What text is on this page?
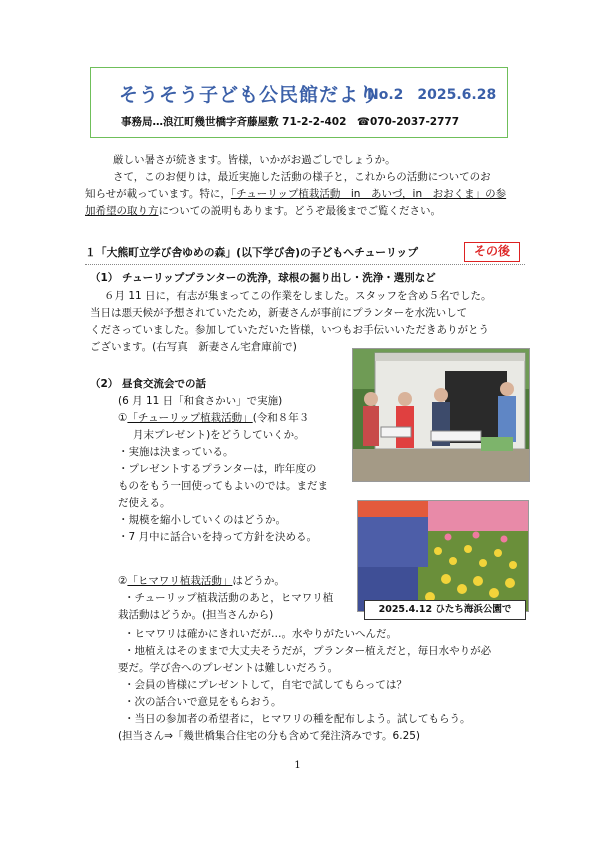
そうそう子ども公民館だより
No.2　2025.6.28
事務局…浪江町幾世橋字斉藤屋敷 71-2-2-402　☎070-2037-2777
厳しい暑さが続きます。皆様，いかがお過ごしでしょうか。
さて，このお便りは，最近実施した活動の様子と，これからの活動についてのお
知らせが載っています。特に，「チューリップ植栽活動　in　あいづ，in　おおくま」の参
加希望の取り方についての説明もあります。どうぞ最後までご覧ください。
１「大熊町立学び舎ゆめの森」(以下学び舎)の子どもへチューリップ	その後
（1） チューリッププランターの洗浄，球根の掘り出し・洗浄・選別など
６月 11 日に，有志が集まってこの作業をしました。スタッフを含め５名でした。
当日は悪天候が予想されていたため，新妻さんが事前にプランターを水洗いして
くださっていました。参加していただいた皆様，いつもお手伝いいただきありがとう
ございます。(右写真　新妻さん宅倉庫前で)
（2） 昼食交流会での話
(6 月 11 日「和食さかい」で実施)
①「チューリップ植栽活動」(令和８年３
月末プレゼント)をどうしていくか。
・実施は決まっている。
・プレゼントするプランターは，昨年度の
ものをもう一回使ってもよいのでは。まだま
だ使える。
・規模を縮小していくのはどうか。
・7 月中に話合いを持って方針を決める。
2025.4.12 ひたち海浜公園で
②「ヒマワリ植栽活動」はどうか。
・チューリップ植栽活動のあと，ヒマワリ植
栽活動はどうか。(担当さんから)
・ヒマワリは確かにきれいだが…。水やりがたいへんだ。
・地植えはそのままで大丈夫そうだが，プランター植えだと，毎日水やりが必
要だ。学び舎へのプレゼントは難しいだろう。
・会員の皆様にプレゼントして，自宅で試してもらっては？
・次の話合いで意見をもらおう。
・当日の参加者の希望者に，ヒマワリの種を配布しよう。試してもらう。
(担当さん⇒「幾世橋集合住宅の分も含めて発注済みです。6.25)
1
